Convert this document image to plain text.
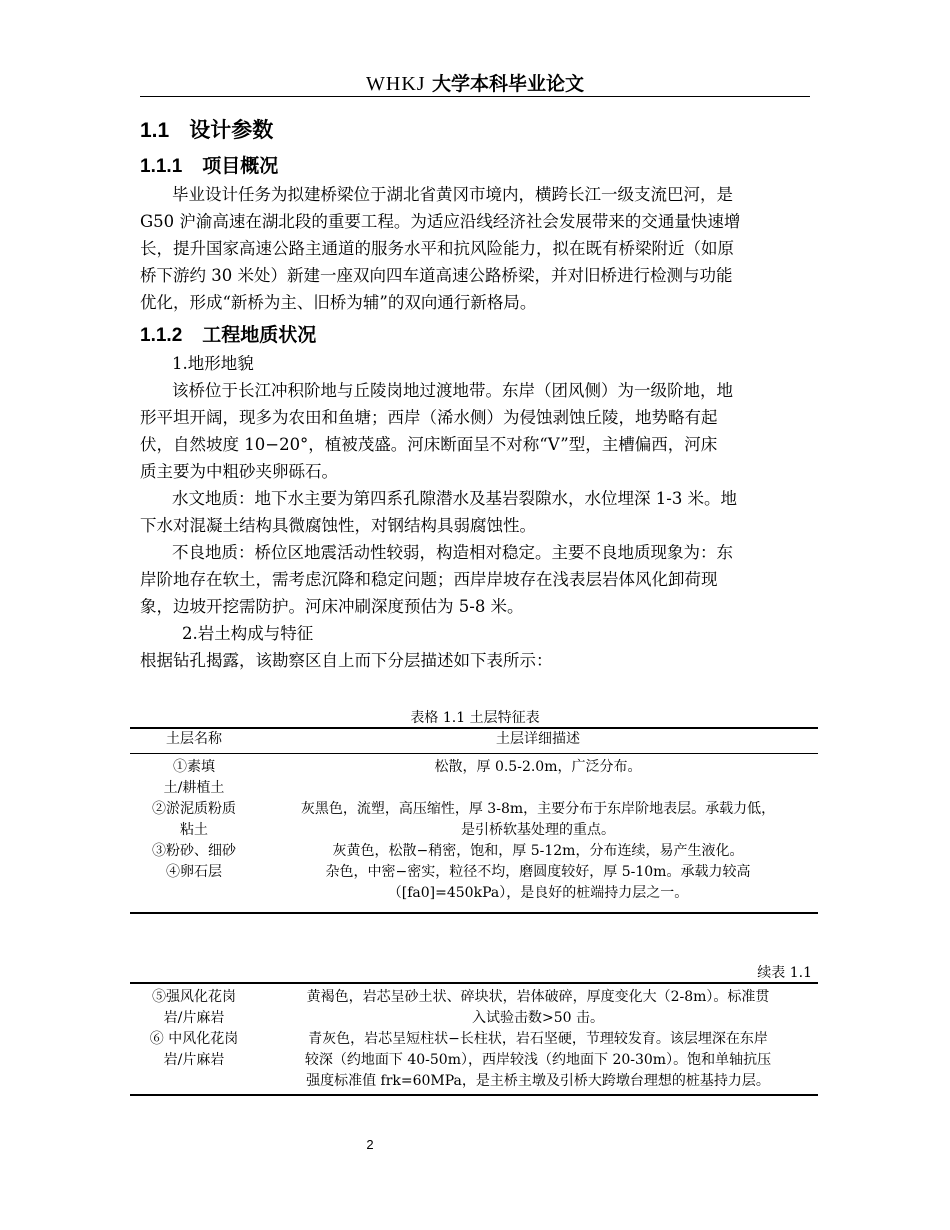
WHKJ 大学本科毕业论文
1.1 设计参数
1.1.1 项目概况
毕业设计任务为拟建桥梁位于湖北省黄冈市境内，横跨长江一级支流巴河，是
G50 沪渝高速在湖北段的重要工程。为适应沿线经济社会发展带来的交通量快速增
长，提升国家高速公路主通道的服务水平和抗风险能力，拟在既有桥梁附近（如原
桥下游约 30 米处）新建一座双向四车道高速公路桥梁，并对旧桥进行检测与功能
优化，形成“新桥为主、旧桥为辅”的双向通行新格局。
1.1.2 工程地质状况
1.地形地貌
该桥位于长江冲积阶地与丘陵岗地过渡地带。东岸（团风侧）为一级阶地，地
形平坦开阔，现多为农田和鱼塘；西岸（浠水侧）为侵蚀剥蚀丘陵，地势略有起
伏，自然坡度 10−20°，植被茂盛。河床断面呈不对称“V”型，主槽偏西，河床
质主要为中粗砂夹卵砾石。
水文地质：地下水主要为第四系孔隙潜水及基岩裂隙水，水位埋深 1-3 米。地
下水对混凝土结构具微腐蚀性，对钢结构具弱腐蚀性。
不良地质：桥位区地震活动性较弱，构造相对稳定。主要不良地质现象为：东
岸阶地存在软土，需考虑沉降和稳定问题；西岸岸坡存在浅表层岩体风化卸荷现
象，边坡开挖需防护。河床冲刷深度预估为 5-8 米。
2.岩土构成与特征
根据钻孔揭露，该勘察区自上而下分层描述如下表所示：
表格 1.1 土层特征表
土层名称	土层详细描述
①素填
土/耕植土	松散，厚 0.5-2.0m，广泛分布。
②淤泥质粉质
粘土	灰黑色，流塑，高压缩性，厚 3-8m，主要分布于东岸阶地表层。承载力低，
是引桥软基处理的重点。
③粉砂、细砂	灰黄色，松散−稍密，饱和，厚 5-12m，分布连续，易产生液化。
④卵石层	杂色，中密−密实，粒径不均，磨圆度较好，厚 5-10m。承载力较高
（[fa0]=450kPa），是良好的桩端持力层之一。
续表 1.1
⑤强风化花岗
岩/片麻岩	黄褐色，岩芯呈砂土状、碎块状，岩体破碎，厚度变化大（2-8m）。标准贯
入试验击数>50 击。
⑥ 中风化花岗
岩/片麻岩	青灰色，岩芯呈短柱状−长柱状，岩石坚硬，节理较发育。该层埋深在东岸
较深（约地面下 40-50m），西岸较浅（约地面下 20-30m）。饱和单轴抗压
强度标准值 frk=60MPa，是主桥主墩及引桥大跨墩台理想的桩基持力层。
2
